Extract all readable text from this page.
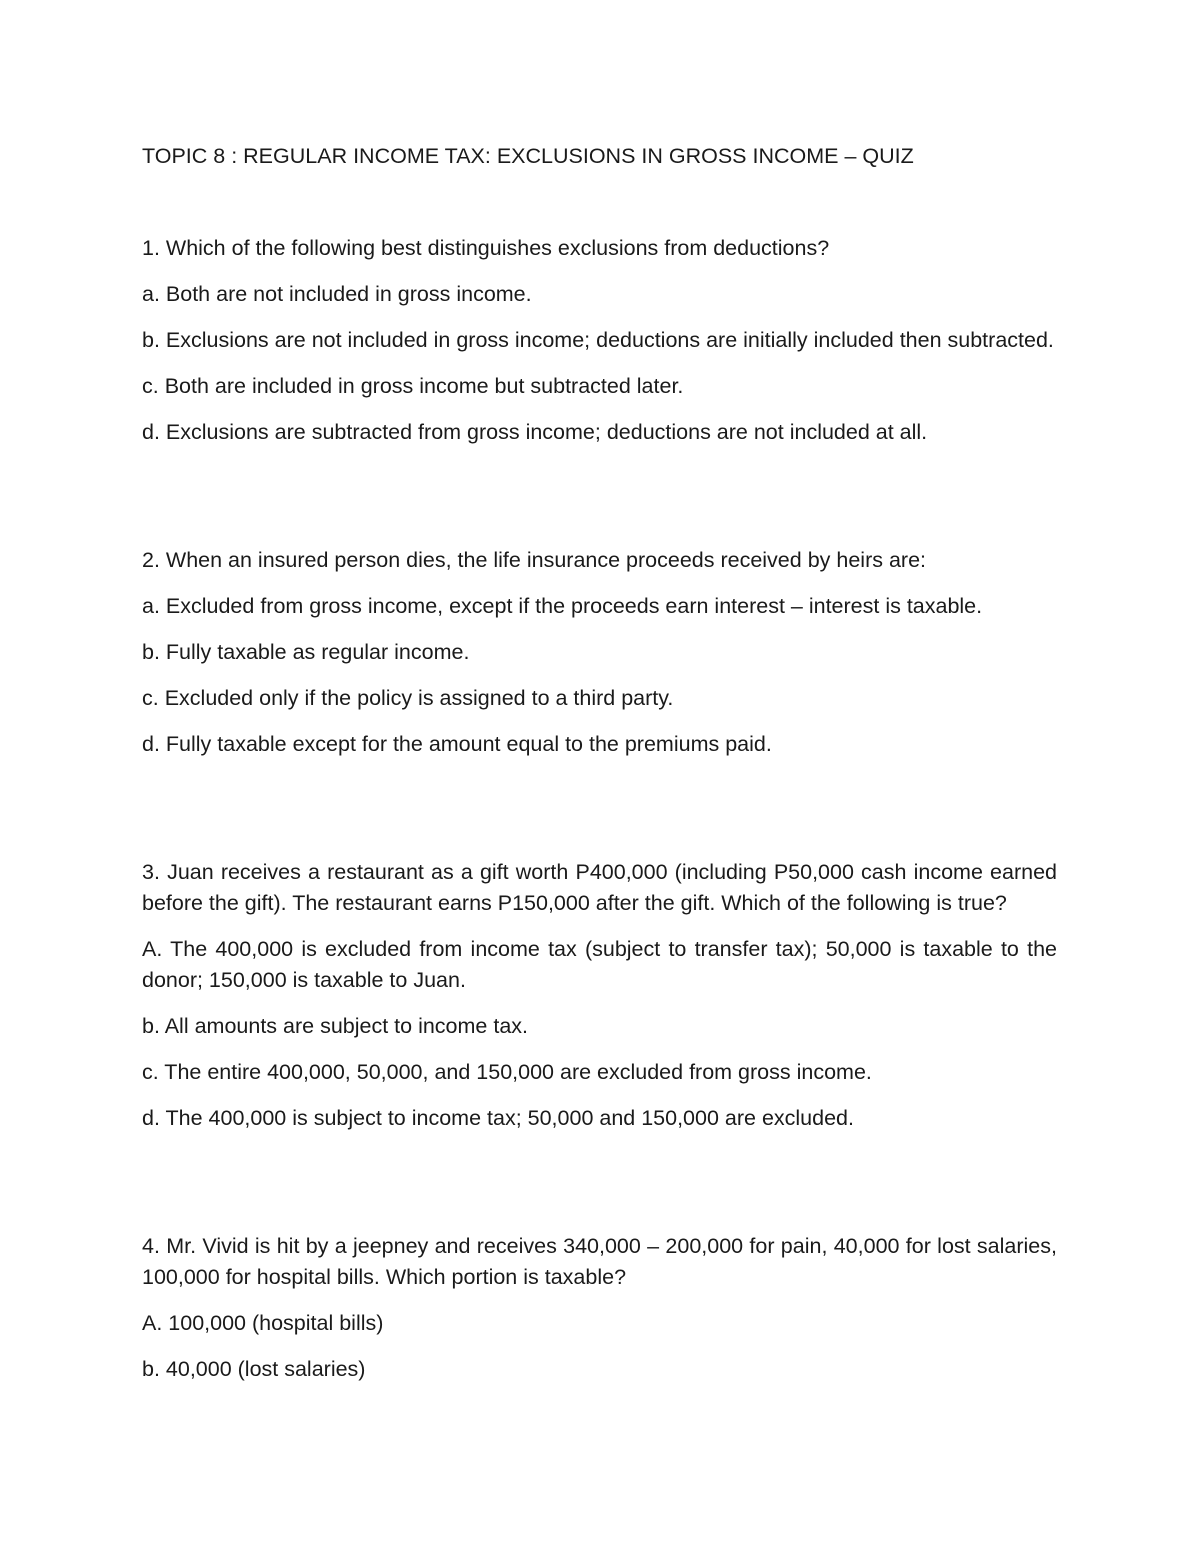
TOPIC 8 : REGULAR INCOME TAX: EXCLUSIONS IN GROSS INCOME – QUIZ

1. Which of the following best distinguishes exclusions from deductions?

a. Both are not included in gross income.

b. Exclusions are not included in gross income; deductions are initially included then subtracted.

c. Both are included in gross income but subtracted later.

d. Exclusions are subtracted from gross income; deductions are not included at all.

2. When an insured person dies, the life insurance proceeds received by heirs are:

a. Excluded from gross income, except if the proceeds earn interest – interest is taxable.

b. Fully taxable as regular income.

c. Excluded only if the policy is assigned to a third party.

d. Fully taxable except for the amount equal to the premiums paid.

3. Juan receives a restaurant as a gift worth P400,000 (including P50,000 cash income earned before the gift). The restaurant earns P150,000 after the gift. Which of the following is true?

A. The 400,000 is excluded from income tax (subject to transfer tax); 50,000 is taxable to the donor; 150,000 is taxable to Juan.

b. All amounts are subject to income tax.

c. The entire 400,000, 50,000, and 150,000 are excluded from gross income.

d. The 400,000 is subject to income tax; 50,000 and 150,000 are excluded.

4. Mr. Vivid is hit by a jeepney and receives 340,000 – 200,000 for pain, 40,000 for lost salaries, 100,000 for hospital bills. Which portion is taxable?

A. 100,000 (hospital bills)

b. 40,000 (lost salaries)
